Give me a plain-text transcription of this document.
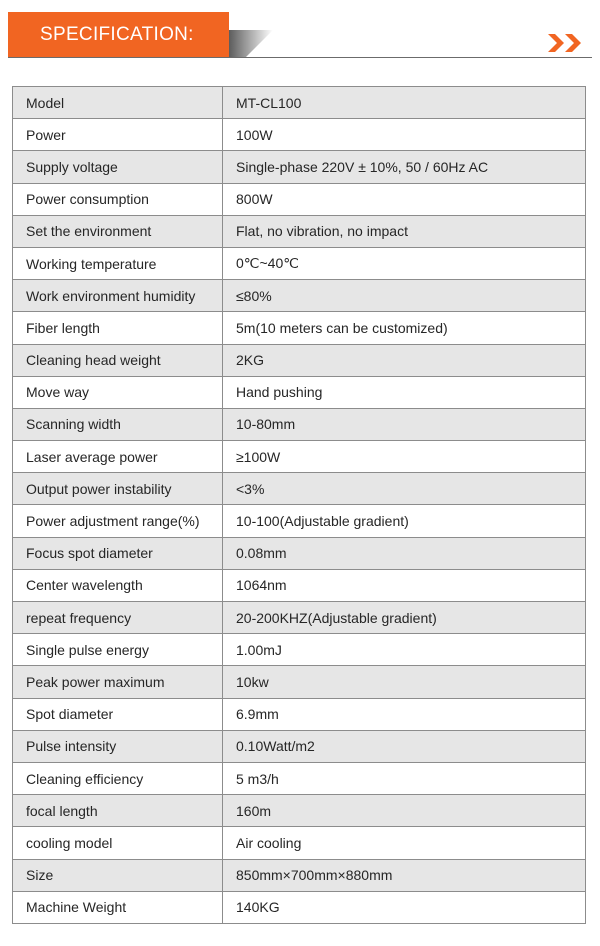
SPECIFICATION:
Model	MT-CL100
Power	100W
Supply voltage	Single-phase 220V ± 10%, 50 / 60Hz AC
Power consumption	800W
Set the environment	Flat, no vibration, no impact
Working temperature	0℃~40℃
Work environment humidity	≤80%
Fiber length	5m(10 meters can be customized)
Cleaning head weight	2KG
Move way	Hand pushing
Scanning width	10-80mm
Laser average power	≥100W
Output power instability	<3%
Power adjustment range(%)	10-100(Adjustable gradient)
Focus spot diameter	0.08mm
Center wavelength	1064nm
repeat frequency	20-200KHZ(Adjustable gradient)
Single pulse energy	1.00mJ
Peak power maximum	10kw
Spot diameter	6.9mm
Pulse intensity	0.10Watt/m2
Cleaning efficiency	5 m3/h
focal length	160m
cooling model	Air cooling
Size	850mm×700mm×880mm
Machine Weight	140KG
